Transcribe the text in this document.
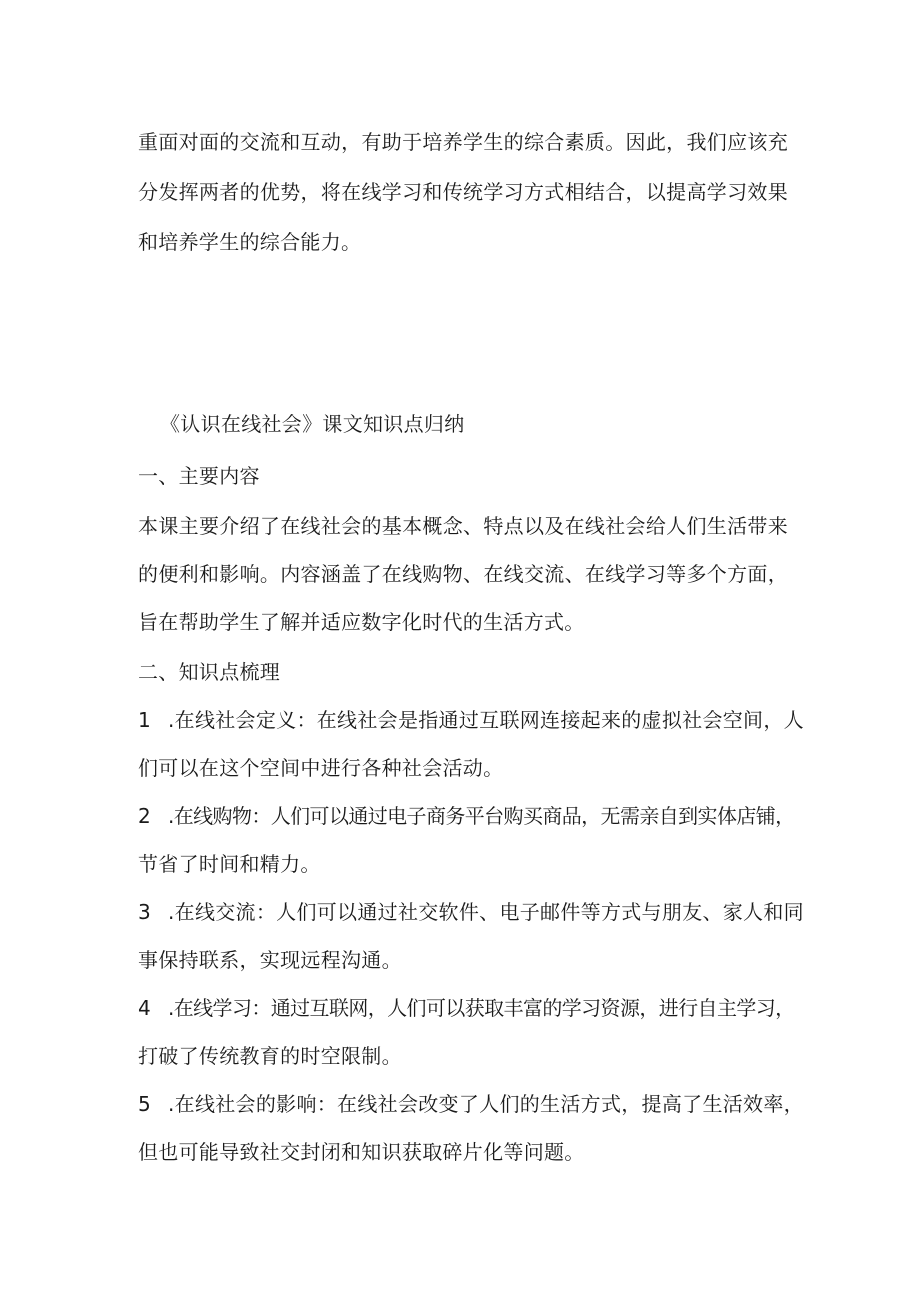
重面对面的交流和互动，有助于培养学生的综合素质。因此，我们应该充
分发挥两者的优势，将在线学习和传统学习方式相结合，以提高学习效果
和培养学生的综合能力。
《认识在线社会》课文知识点归纳
一、主要内容
本课主要介绍了在线社会的基本概念、特点以及在线社会给人们生活带来
的便利和影响。内容涵盖了在线购物、在线交流、在线学习等多个方面，
旨在帮助学生了解并适应数字化时代的生活方式。
二、知识点梳理
1 .在线社会定义：在线社会是指通过互联网连接起来的虚拟社会空间，人
们可以在这个空间中进行各种社会活动。
2 .在线购物：人们可以通过电子商务平台购买商品，无需亲自到实体店铺，
节省了时间和精力。
3 .在线交流：人们可以通过社交软件、电子邮件等方式与朋友、家人和同
事保持联系，实现远程沟通。
4 .在线学习：通过互联网，人们可以获取丰富的学习资源，进行自主学习，
打破了传统教育的时空限制。
5 .在线社会的影响：在线社会改变了人们的生活方式，提高了生活效率，
但也可能导致社交封闭和知识获取碎片化等问题。
